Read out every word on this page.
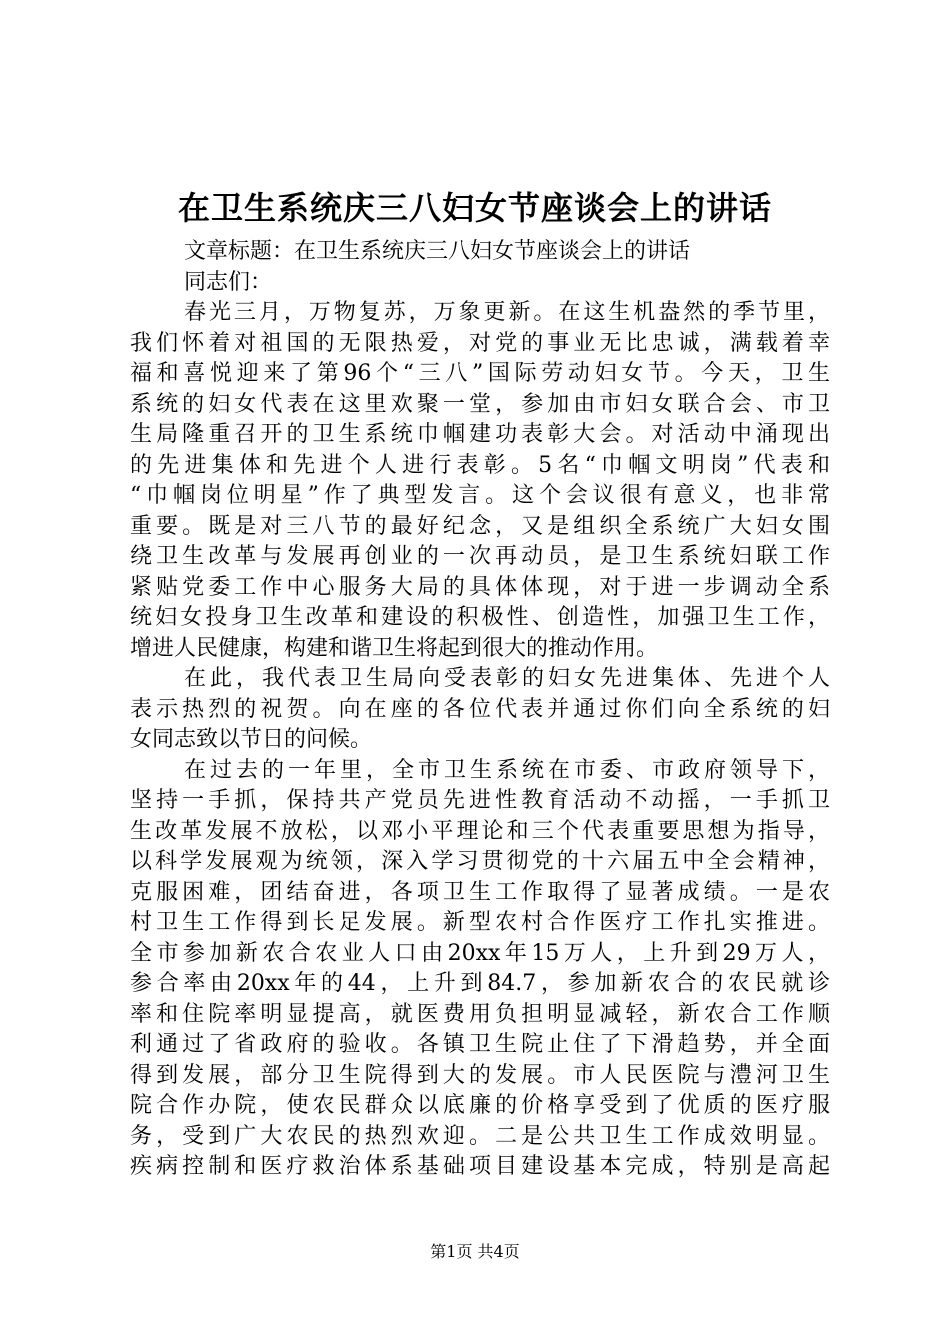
在卫生系统庆三八妇女节座谈会上的讲话
文章标题：在卫生系统庆三八妇女节座谈会上的讲话
同志们：
春光三月，万物复苏，万象更新。在这生机盎然的季节里，
我们怀着对祖国的无限热爱，对党的事业无比忠诚，满载着幸
福和喜悦迎来了第96个“三八”国际劳动妇女节。今天，卫生
系统的妇女代表在这里欢聚一堂，参加由市妇女联合会、市卫
生局隆重召开的卫生系统巾帼建功表彰大会。对活动中涌现出
的先进集体和先进个人进行表彰。5名“巾帼文明岗”代表和
“巾帼岗位明星”作了典型发言。这个会议很有意义，也非常
重要。既是对三八节的最好纪念，又是组织全系统广大妇女围
绕卫生改革与发展再创业的一次再动员，是卫生系统妇联工作
紧贴党委工作中心服务大局的具体体现，对于进一步调动全系
统妇女投身卫生改革和建设的积极性、创造性，加强卫生工作，
增进人民健康，构建和谐卫生将起到很大的推动作用。
在此，我代表卫生局向受表彰的妇女先进集体、先进个人
表示热烈的祝贺。向在座的各位代表并通过你们向全系统的妇
女同志致以节日的问候。
在过去的一年里，全市卫生系统在市委、市政府领导下，
坚持一手抓，保持共产党员先进性教育活动不动摇，一手抓卫
生改革发展不放松，以邓小平理论和三个代表重要思想为指导，
以科学发展观为统领，深入学习贯彻党的十六届五中全会精神，
克服困难，团结奋进，各项卫生工作取得了显著成绩。一是农
村卫生工作得到长足发展。新型农村合作医疗工作扎实推进。
全市参加新农合农业人口由20xx年15万人，上升到29万人，
参合率由20xx年的44，上升到84.7，参加新农合的农民就诊
率和住院率明显提高，就医费用负担明显减轻，新农合工作顺
利通过了省政府的验收。各镇卫生院止住了下滑趋势，并全面
得到发展，部分卫生院得到大的发展。市人民医院与澧河卫生
院合作办院，使农民群众以底廉的价格享受到了优质的医疗服
务，受到广大农民的热烈欢迎。二是公共卫生工作成效明显。
疾病控制和医疗救治体系基础项目建设基本完成，特别是高起
第1页 共4页
